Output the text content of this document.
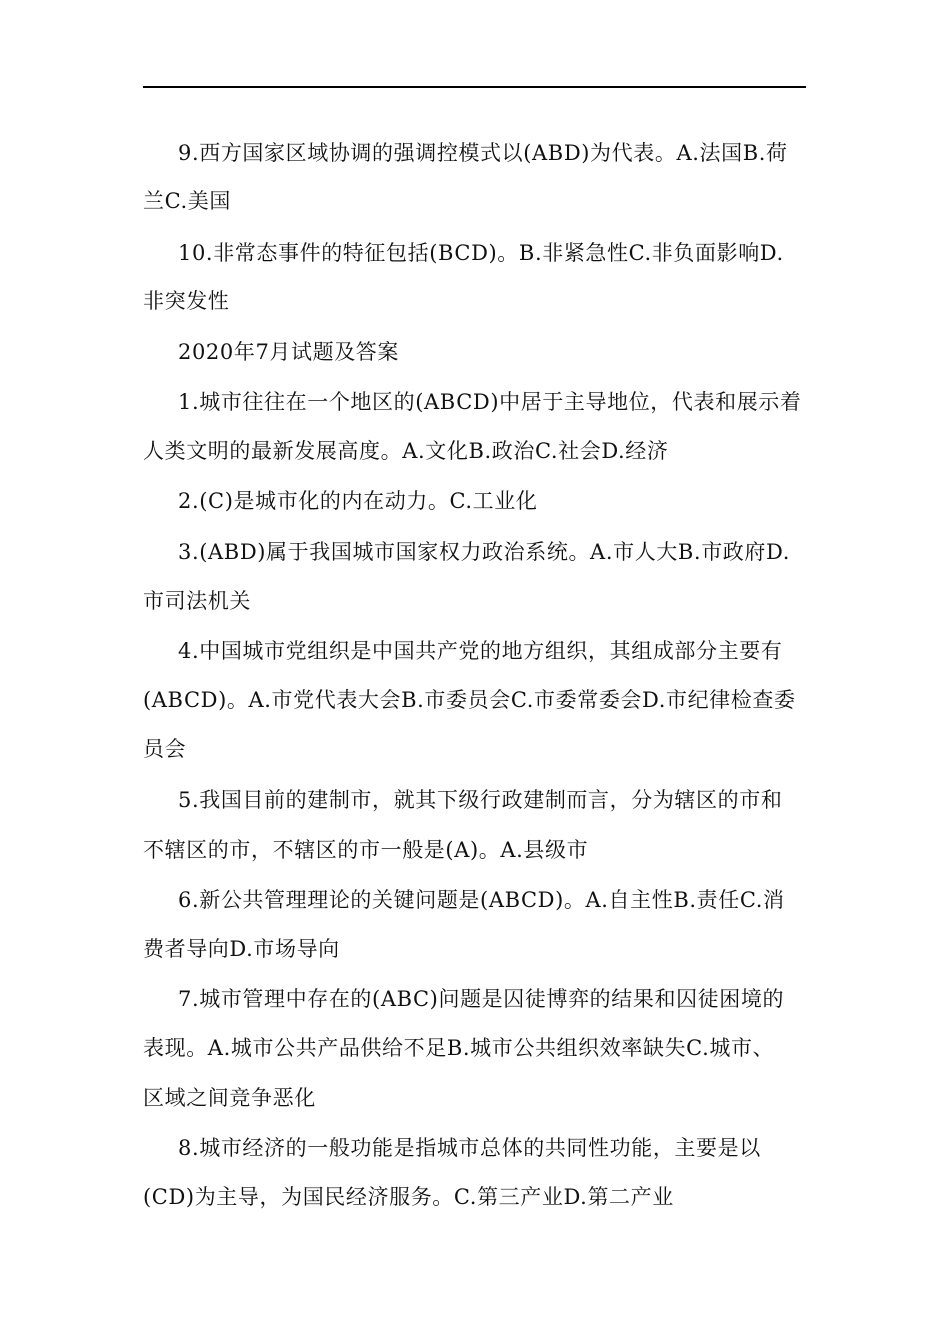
9.西方国家区域协调的强调控模式以(ABD)为代表。A.法国B.荷
兰C.美国
10.非常态事件的特征包括(BCD)。B.非紧急性C.非负面影响D.
非突发性
2020年7月试题及答案
1.城市往往在一个地区的(ABCD)中居于主导地位，代表和展示着
人类文明的最新发展高度。A.文化B.政治C.社会D.经济
2.(C)是城市化的内在动力。C.工业化
3.(ABD)属于我国城市国家权力政治系统。A.市人大B.市政府D.
市司法机关
4.中国城市党组织是中国共产党的地方组织，其组成部分主要有
(ABCD)。A.市党代表大会B.市委员会C.市委常委会D.市纪律检查委
员会
5.我国目前的建制市，就其下级行政建制而言，分为辖区的市和
不辖区的市，不辖区的市一般是(A)。A.县级市
6.新公共管理理论的关键问题是(ABCD)。A.自主性B.责任C.消
费者导向D.市场导向
7.城市管理中存在的(ABC)问题是囚徒博弈的结果和囚徒困境的
表现。A.城市公共产品供给不足B.城市公共组织效率缺失C.城市、
区域之间竞争恶化
8.城市经济的一般功能是指城市总体的共同性功能，主要是以
(CD)为主导，为国民经济服务。C.第三产业D.第二产业
